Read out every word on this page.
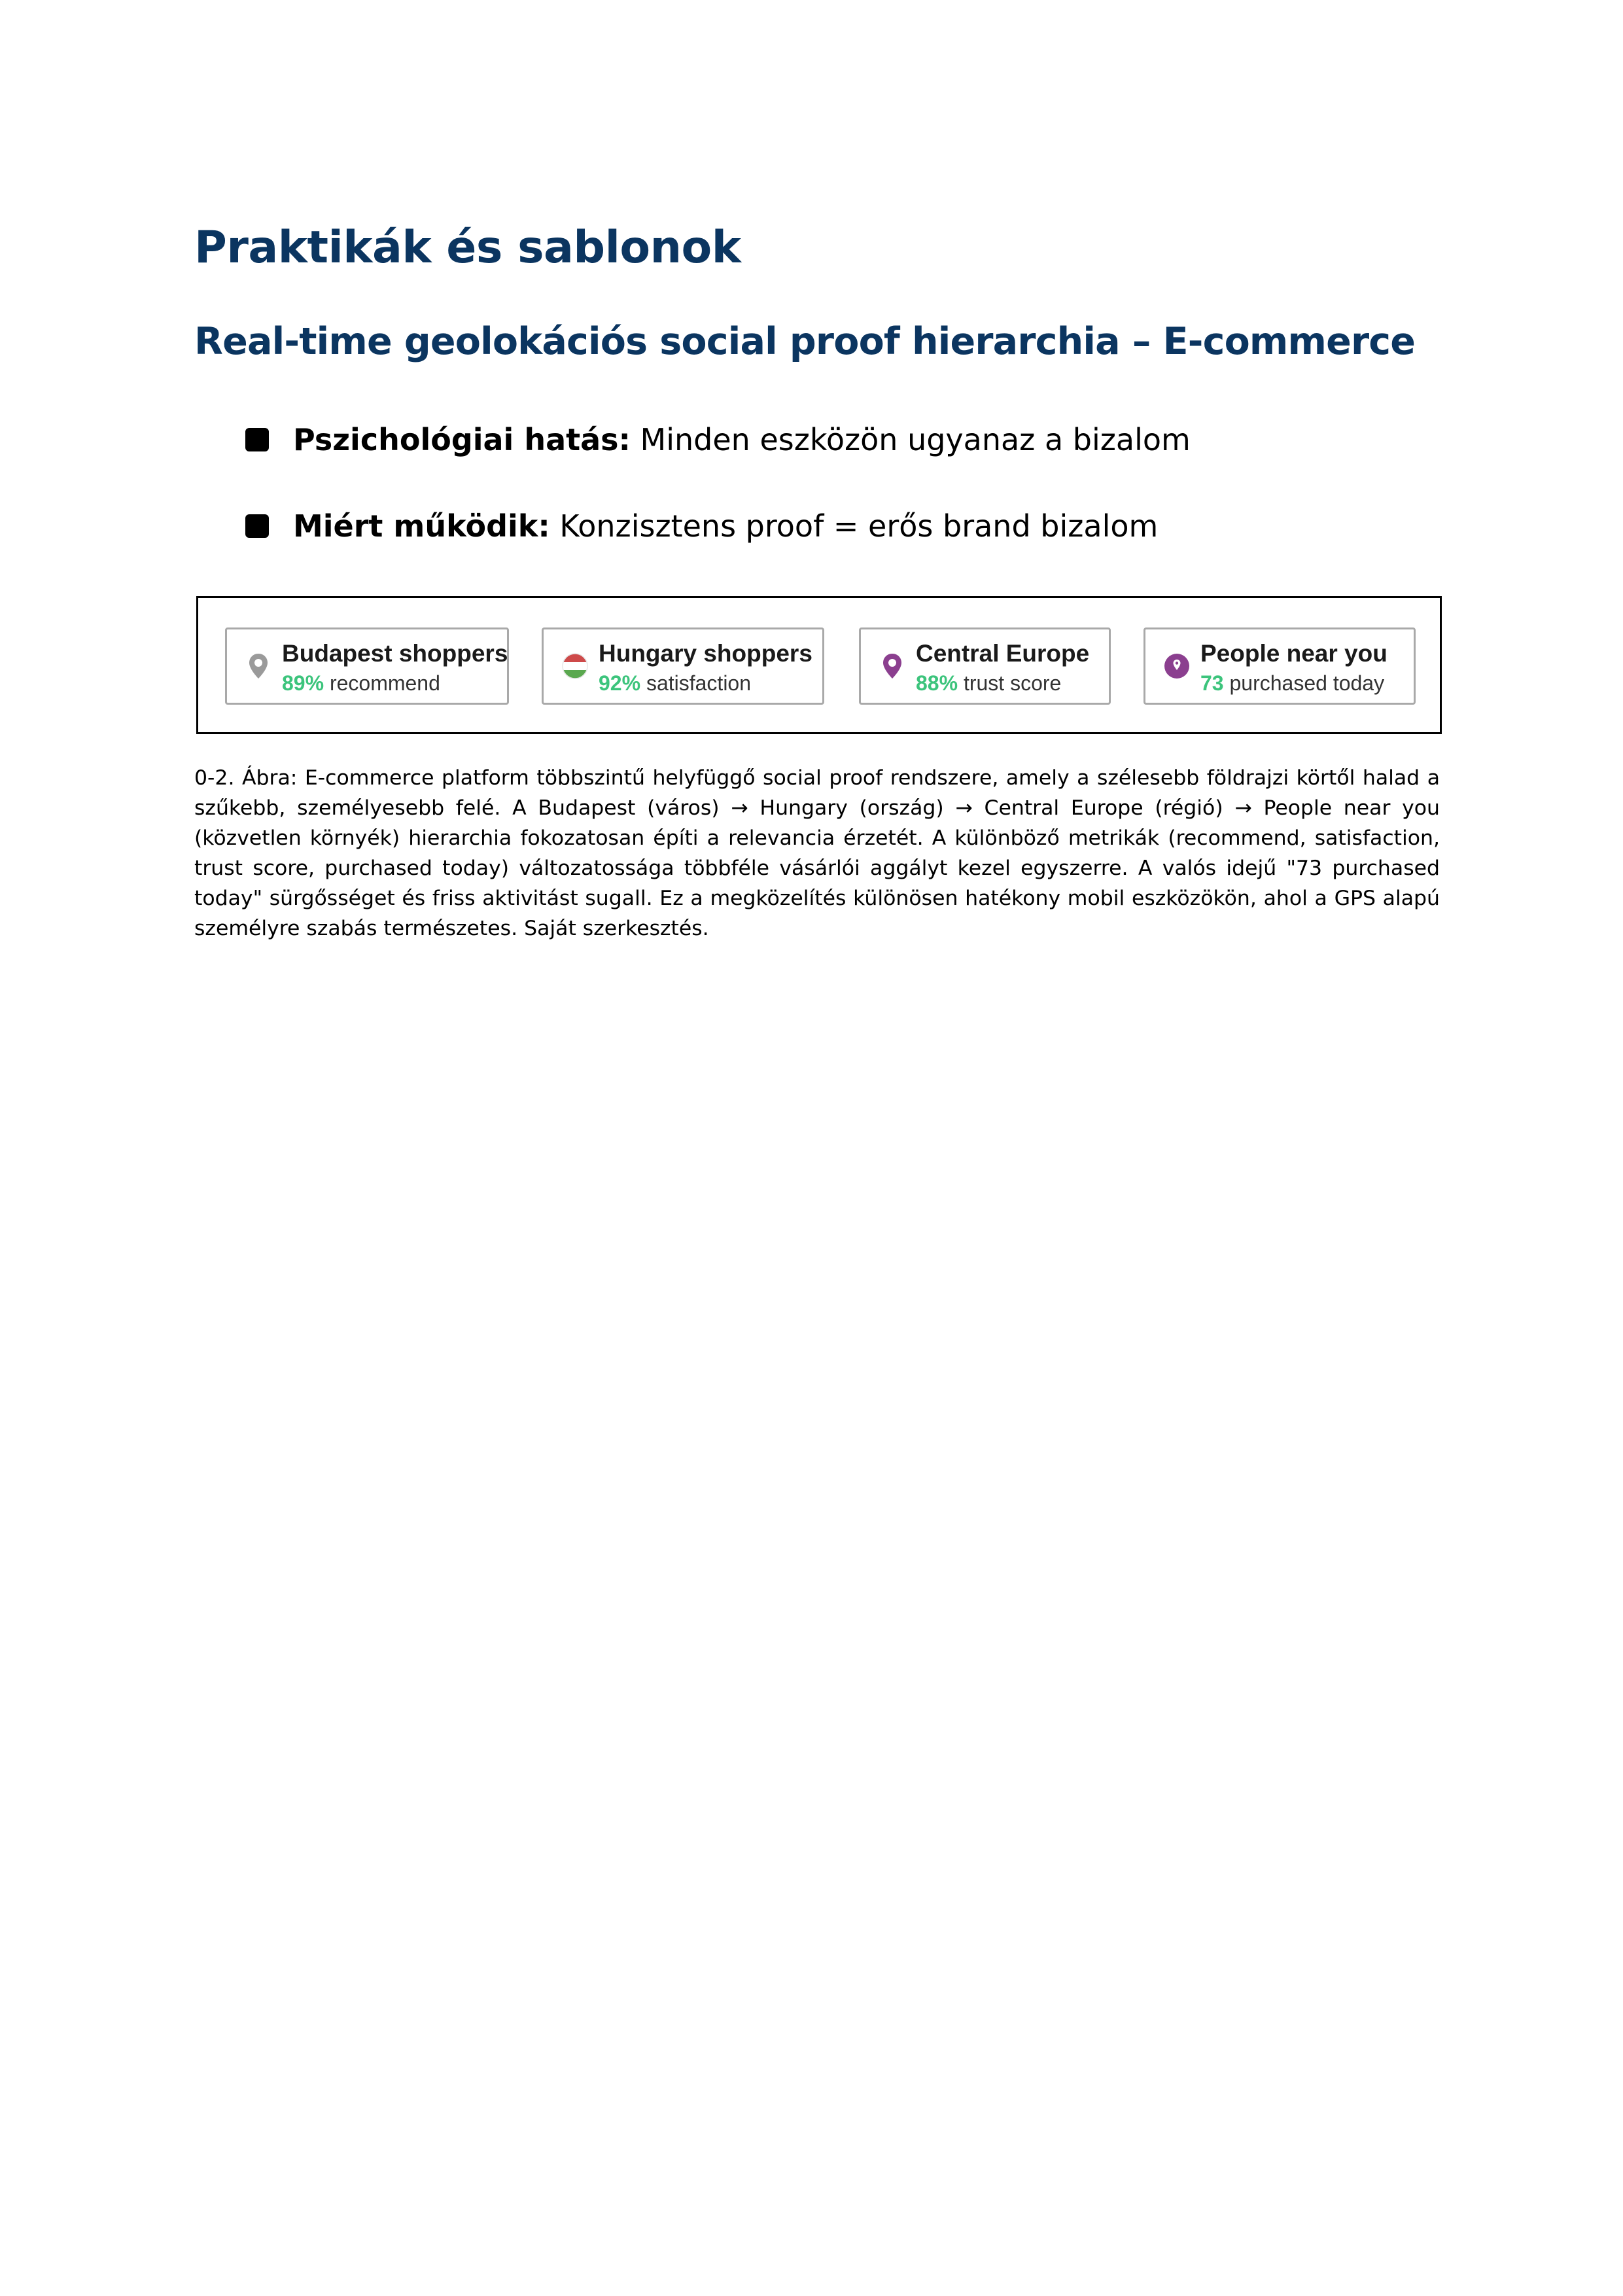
Praktikák és sablonok
Real-time geolokációs social proof hierarchia – E-commerce
Pszichológiai hatás: Minden eszközön ugyanaz a bizalom
Miért működik: Konzisztens proof = erős brand bizalom
Budapest shoppers
89% recommend
Hungary shoppers
92% satisfaction
Central Europe
88% trust score
People near you
73 purchased today

0-2. Ábra: E-commerce platform többszintű helyfüggő social proof rendszere, amely a szélesebb földrajzi körtől halad a szűkebb, személyesebb felé. A Budapest (város) → Hungary (ország) → Central Europe (régió) → People near you (közvetlen környék) hierarchia fokozatosan építi a relevancia érzetét. A különböző metrikák (recommend, satisfaction, trust score, purchased today) változatossága többféle vásárlói aggályt kezel egyszerre. A valós idejű "73 purchased today" sürgősséget és friss aktivitást sugall. Ez a megközelítés különösen hatékony mobil eszközökön, ahol a GPS alapú személyre szabás természetes. Saját szerkesztés.
